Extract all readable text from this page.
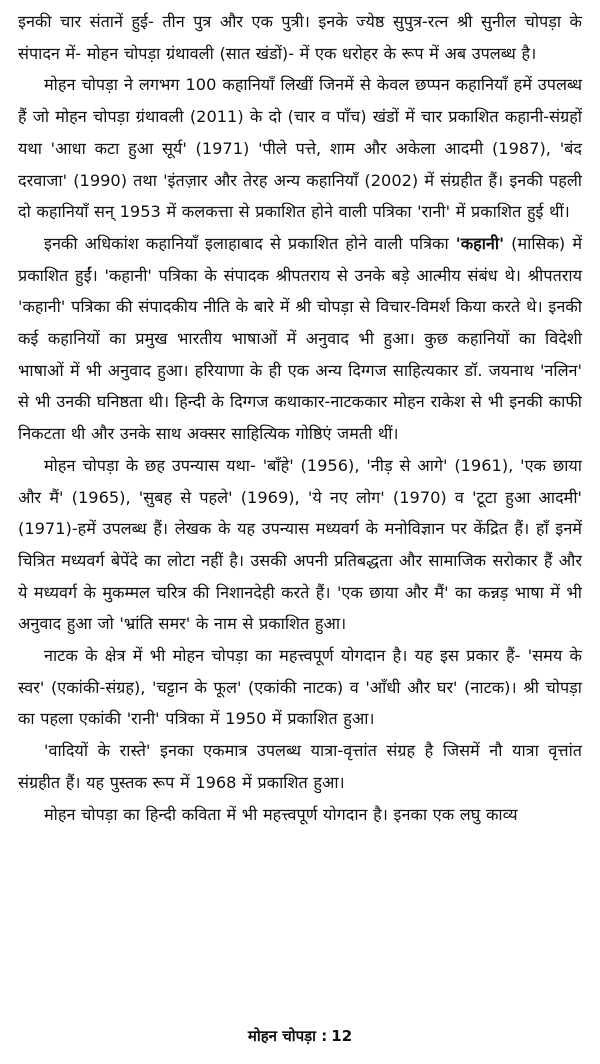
इनकी चार संतानें हुई- तीन पुत्र और एक पुत्री। इनके ज्येष्ठ सुपुत्र-रत्न श्री सुनील चोपड़ा के संपादन में- मोहन चोपड़ा ग्रंथावली (सात खंडों)- में एक धरोहर के रूप में अब उपलब्ध है।

मोहन चोपड़ा ने लगभग 100 कहानियाँ लिखीं जिनमें से केवल छप्पन कहानियाँ हमें उपलब्ध हैं जो मोहन चोपड़ा ग्रंथावली (2011) के दो (चार व पाँच) खंडों में चार प्रकाशित कहानी-संग्रहों यथा 'आधा कटा हुआ सूर्य' (1971) 'पीले पत्ते, शाम और अकेला आदमी (1987), 'बंद दरवाजा' (1990) तथा 'इंतज़ार और तेरह अन्य कहानियाँ (2002) में संग्रहीत हैं। इनकी पहली दो कहानियाँ सन् 1953 में कलकत्ता से प्रकाशित होने वाली पत्रिका 'रानी' में प्रकाशित हुई थीं।

इनकी अधिकांश कहानियाँ इलाहाबाद से प्रकाशित होने वाली पत्रिका 'कहानी' (मासिक) में प्रकाशित हुईं। 'कहानी' पत्रिका के संपादक श्रीपतराय से उनके बड़े आत्मीय संबंध थे। श्रीपतराय 'कहानी' पत्रिका की संपादकीय नीति के बारे में श्री चोपड़ा से विचार-विमर्श किया करते थे। इनकी कई कहानियों का प्रमुख भारतीय भाषाओं में अनुवाद भी हुआ। कुछ कहानियों का विदेशी भाषाओं में भी अनुवाद हुआ। हरियाणा के ही एक अन्य दिग्गज साहित्यकार डॉ. जयनाथ 'नलिन' से भी उनकी घनिष्ठता थी। हिन्दी के दिग्गज कथाकार-नाटककार मोहन राकेश से भी इनकी काफी निकटता थी और उनके साथ अक्सर साहित्यिक गोष्ठिएं जमती थीं।

मोहन चोपड़ा के छह उपन्यास यथा- 'बाँहे' (1956), 'नीड़ से आगे' (1961), 'एक छाया और मैं' (1965), 'सुबह से पहले' (1969), 'ये नए लोग' (1970) व 'टूटा हुआ आदमी' (1971)-हमें उपलब्ध हैं। लेखक के यह उपन्यास मध्यवर्ग के मनोविज्ञान पर केंद्रित हैं। हाँ इनमें चित्रित मध्यवर्ग बेपेंदे का लोटा नहीं है। उसकी अपनी प्रतिबद्धता और सामाजिक सरोकार हैं और ये मध्यवर्ग के मुकम्मल चरित्र की निशानदेही करते हैं। 'एक छाया और मैं' का कन्नड़ भाषा में भी अनुवाद हुआ जो 'भ्रांति समर' के नाम से प्रकाशित हुआ।

नाटक के क्षेत्र में भी मोहन चोपड़ा का महत्त्वपूर्ण योगदान है। यह इस प्रकार हैं- 'समय के स्वर' (एकांकी-संग्रह), 'चट्टान के फूल' (एकांकी नाटक) व 'आँधी और घर' (नाटक)। श्री चोपड़ा का पहला एकांकी 'रानी' पत्रिका में 1950 में प्रकाशित हुआ।

'वादियों के रास्ते' इनका एकमात्र उपलब्ध यात्रा-वृत्तांत संग्रह है जिसमें नौ यात्रा वृत्तांत संग्रहीत हैं। यह पुस्तक रूप में 1968 में प्रकाशित हुआ।

मोहन चोपड़ा का हिन्दी कविता में भी महत्त्वपूर्ण योगदान है। इनका एक लघु काव्य

मोहन चोपड़ा : 12
